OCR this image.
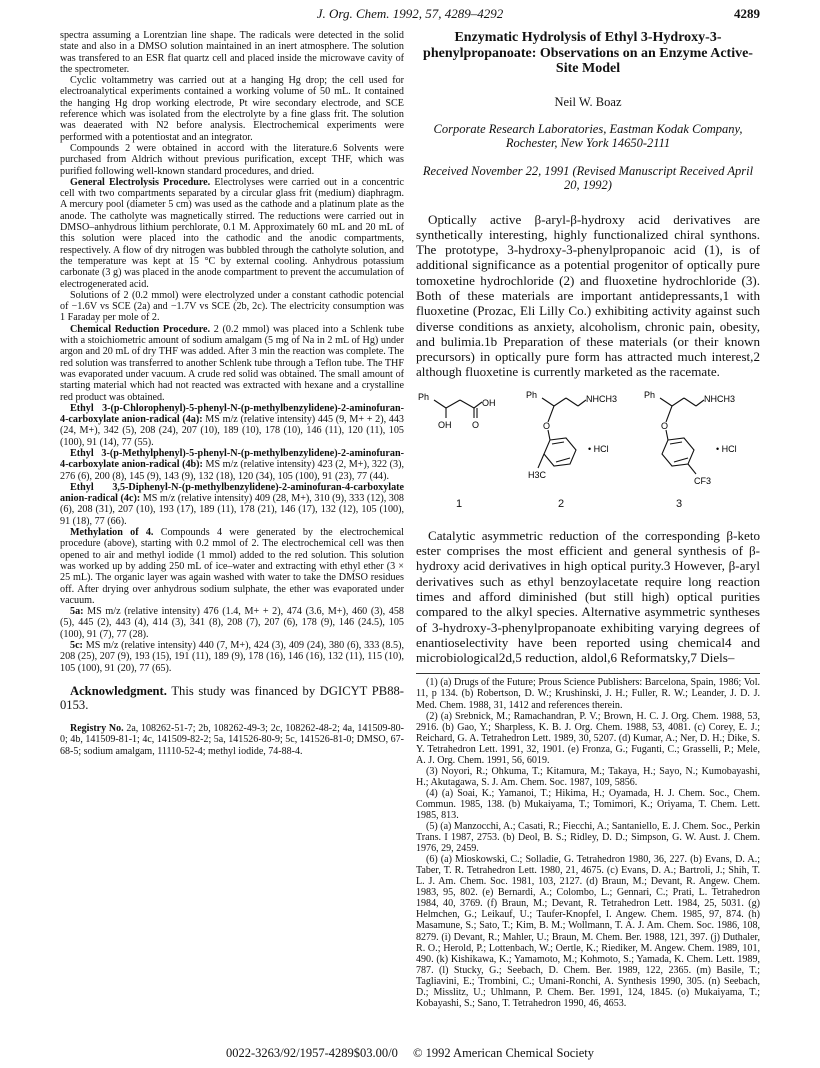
J. Org. Chem. 1992, 57, 4289–4292	4289

spectra assuming a Lorentzian line shape. The radicals were detected in the solid state and also in a DMSO solution maintained in an inert atmosphere. The solution was transfered to an ESR flat quartz cell and placed inside the microwave cavity of the spectrometer.

Cyclic voltammetry was carried out at a hanging Hg drop; the cell used for electroanalytical experiments contained a working volume of 50 mL. It contained the hanging Hg drop working electrode, Pt wire secondary electrode, and SCE reference which was isolated from the electrolyte by a fine glass frit. The solution was deaerated with N2 before analysis. Electrochemical experiments were performed with a potentiostat and an integrator.

Compounds 2 were obtained in accord with the literature.6 Solvents were purchased from Aldrich without previous purification, except THF, which was purified following well-known standard procedures, and dried.

General Electrolysis Procedure. Electrolyses were carried out in a concentric cell with two compartments separated by a circular glass frit (medium) diaphragm. A mercury pool (diameter 5 cm) was used as the cathode and a platinum plate as the anode. The catholyte was magnetically stirred. The reductions were carried out in DMSO–anhydrous lithium perchlorate, 0.1 M. Approximately 60 mL and 20 mL of this solution were placed into the cathodic and the anodic compartments, respectively. A flow of dry nitrogen was bubbled through the catholyte solution, and the temperature was kept at 15 °C by external cooling. Anhydrous potassium carbonate (3 g) was placed in the anode compartment to prevent the accumulation of electrogenerated acid.

Solutions of 2 (0.2 mmol) were electrolyzed under a constant cathodic potencial of −1.6V vs SCE (2a) and −1.7V vs SCE (2b, 2c). The electricity consumption was 1 Faraday per mole of 2.

Chemical Reduction Procedure. 2 (0.2 mmol) was placed into a Schlenk tube with a stoichiometric amount of sodium amalgam (5 mg of Na in 2 mL of Hg) under argon and 20 mL of dry THF was added. After 3 min the reaction was complete. The red solution was transferred to another Schlenk tube through a Teflon tube. The THF was evaporated under vacuum. A crude red solid was obtained. The small amount of starting material which had not reacted was extracted with hexane and a crystalline red product was obtained.

Ethyl 3-(p-Chlorophenyl)-5-phenyl-N-(p-methylbenzylidene)-2-aminofuran-4-carboxylate anion-radical (4a): MS m/z (relative intensity) 445 (9, M+ + 2), 443 (24, M+), 342 (5), 208 (24), 207 (10), 189 (10), 178 (10), 146 (11), 120 (11), 105 (100), 91 (14), 77 (55).

Ethyl 3-(p-Methylphenyl)-5-phenyl-N-(p-methylbenzylidene)-2-aminofuran-4-carboxylate anion-radical (4b): MS m/z (relative intensity) 423 (2, M+), 322 (3), 276 (6), 200 (8), 145 (9), 143 (9), 132 (18), 120 (34), 105 (100), 91 (23), 77 (44).

Ethyl 3,5-Diphenyl-N-(p-methylbenzylidene)-2-aminofuran-4-carboxylate anion-radical (4c): MS m/z (relative intensity) 409 (28, M+), 310 (9), 333 (12), 308 (6), 208 (31), 207 (10), 193 (17), 189 (11), 178 (21), 146 (17), 132 (12), 105 (100), 91 (18), 77 (66).

Methylation of 4. Compounds 4 were generated by the electrochemical procedure (above), starting with 0.2 mmol of 2. The electrochemical cell was then opened to air and methyl iodide (1 mmol) added to the red solution. This solution was worked up by adding 250 mL of ice–water and extracting with ethyl ether (3 × 25 mL). The organic layer was again washed with water to take the DMSO residues off. After drying over anhydrous sodium sulphate, the ether was evaporated under vacuum.

5a: MS m/z (relative intensity) 476 (1.4, M+ + 2), 474 (3.6, M+), 460 (3), 458 (5), 445 (2), 443 (4), 414 (3), 341 (8), 208 (7), 207 (6), 178 (9), 146 (24.5), 105 (100), 91 (7), 77 (28).

5c: MS m/z (relative intensity) 440 (7, M+), 424 (3), 409 (24), 380 (6), 333 (8.5), 208 (25), 207 (9), 193 (15), 191 (11), 189 (9), 178 (16), 146 (16), 132 (11), 115 (10), 105 (100), 91 (20), 77 (65).

Acknowledgment. This study was financed by DGICYT PB88-0153.
Registry No. 2a, 108262-51-7; 2b, 108262-49-3; 2c, 108262-48-2; 4a, 141509-80-0; 4b, 141509-81-1; 4c, 141509-82-2; 5a, 141526-80-9; 5c, 141526-81-0; DMSO, 67-68-5; sodium amalgam, 11110-52-4; methyl iodide, 74-88-4.

Enzymatic Hydrolysis of Ethyl 3-Hydroxy-3-phenylpropanoate: Observations on an Enzyme Active-Site Model

Neil W. Boaz
Corporate Research Laboratories, Eastman Kodak Company, Rochester, New York 14650-2111
Received November 22, 1991 (Revised Manuscript Received April 20, 1992)

Optically active β-aryl-β-hydroxy acid derivatives are synthetically interesting, highly functionalized chiral synthons. The prototype, 3-hydroxy-3-phenylpropanoic acid (1), is of additional significance as a potential progenitor of optically pure tomoxetine hydrochloride (2) and fluoxetine hydrochloride (3). Both of these materials are important antidepressants,1 with fluoxetine (Prozac, Eli Lilly Co.) exhibiting activity against such diverse conditions as anxiety, alcoholism, chronic pain, obesity, and bulimia.1b Preparation of these materials (or their known precursors) in optically pure form has attracted much interest,2 although fluoxetine is currently marketed as the racemate.

Ph
OH
OH O
1
Ph	NHCH3
O
H3C
• HCl
2
Ph	NHCH3
O
CF3
• HCl
3

Catalytic asymmetric reduction of the corresponding β-keto ester comprises the most efficient and general synthesis of β-hydroxy acid derivatives in high optical purity.3 However, β-aryl derivatives such as ethyl benzoylacetate require long reaction times and afford diminished (but still high) optical purities compared to the alkyl species. Alternative asymmetric syntheses of 3-hydroxy-3-phenylpropanoate exhibiting varying degrees of enantioselectivity have been reported using chemical4 and microbiological2d,5 reduction, aldol,6 Reformatsky,7 Diels–

(1) (a) Drugs of the Future; Prous Science Publishers: Barcelona, Spain, 1986; Vol. 11, p 134. (b) Robertson, D. W.; Krushinski, J. H.; Fuller, R. W.; Leander, J. D. J. Med. Chem. 1988, 31, 1412 and references therein.

(2) (a) Srebnick, M.; Ramachandran, P. V.; Brown, H. C. J. Org. Chem. 1988, 53, 2916. (b) Gao, Y.; Sharpless, K. B. J. Org. Chem. 1988, 53, 4081. (c) Corey, E. J.; Reichard, G. A. Tetrahedron Lett. 1989, 30, 5207. (d) Kumar, A.; Ner, D. H.; Dike, S. Y. Tetrahedron Lett. 1991, 32, 1901. (e) Fronza, G.; Fuganti, C.; Grasselli, P.; Mele, A. J. Org. Chem. 1991, 56, 6019.

(3) Noyori, R.; Ohkuma, T.; Kitamura, M.; Takaya, H.; Sayo, N.; Kumobayashi, H.; Akutagawa, S. J. Am. Chem. Soc. 1987, 109, 5856.

(4) (a) Soai, K.; Yamanoi, T.; Hikima, H.; Oyamada, H. J. Chem. Soc., Chem. Commun. 1985, 138. (b) Mukaiyama, T.; Tomimori, K.; Oriyama, T. Chem. Lett. 1985, 813.

(5) (a) Manzocchi, A.; Casati, R.; Fiecchi, A.; Santaniello, E. J. Chem. Soc., Perkin Trans. I 1987, 2753. (b) Deol, B. S.; Ridley, D. D.; Simpson, G. W. Aust. J. Chem. 1976, 29, 2459.

(6) (a) Mioskowski, C.; Solladie, G. Tetrahedron 1980, 36, 227. (b) Evans, D. A.; Taber, T. R. Tetrahedron Lett. 1980, 21, 4675. (c) Evans, D. A.; Bartroli, J.; Shih, T. L. J. Am. Chem. Soc. 1981, 103, 2127. (d) Braun, M.; Devant, R. Angew. Chem. 1983, 95, 802. (e) Bernardi, A.; Colombo, L.; Gennari, C.; Prati, L. Tetrahedron 1984, 40, 3769. (f) Braun, M.; Devant, R. Tetrahedron Lett. 1984, 25, 5031. (g) Helmchen, G.; Leikauf, U.; Taufer-Knopfel, I. Angew. Chem. 1985, 97, 874. (h) Masamune, S.; Sato, T.; Kim, B. M.; Wollmann, T. A. J. Am. Chem. Soc. 1986, 108, 8279. (i) Devant, R.; Mahler, U.; Braun, M. Chem. Ber. 1988, 121, 397. (j) Duthaler, R. O.; Herold, P.; Lottenbach, W.; Oertle, K.; Riediker, M. Angew. Chem. 1989, 101, 490. (k) Kishikawa, K.; Yamamoto, M.; Kohmoto, S.; Yamada, K. Chem. Lett. 1989, 787. (l) Stucky, G.; Seebach, D. Chem. Ber. 1989, 122, 2365. (m) Basile, T.; Tagliavini, E.; Trombini, C.; Umani-Ronchi, A. Synthesis 1990, 305. (n) Seebach, D.; Misslitz, U.; Uhlmann, P. Chem. Ber. 1991, 124, 1845. (o) Mukaiyama, T.; Kobayashi, S.; Sano, T. Tetrahedron 1990, 46, 4653.

0022-3263/92/1957-4289$03.00/0 © 1992 American Chemical Society
